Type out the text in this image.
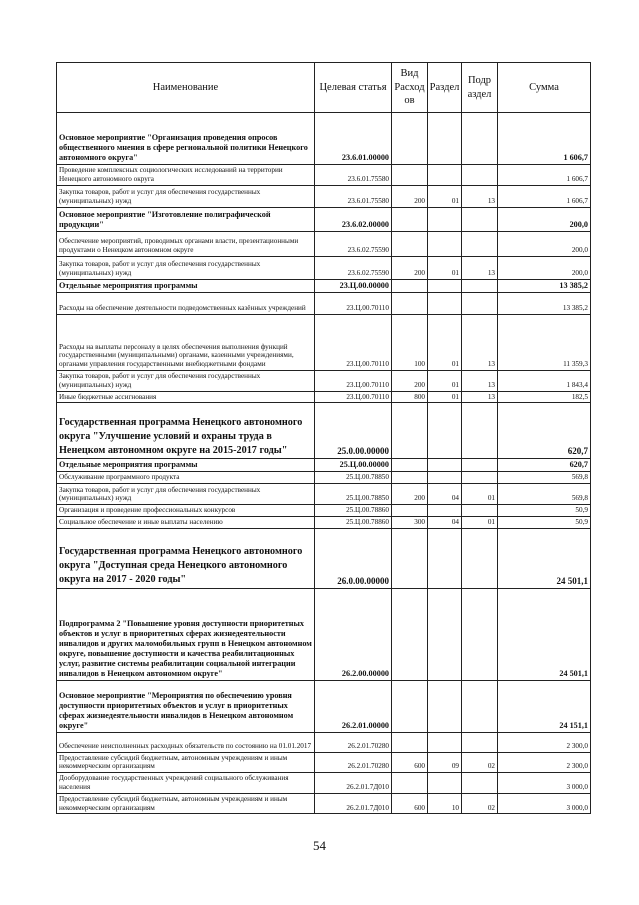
Наименование	Целевая статья	Вид Расход ов	Раздел	Подр аздел	Сумма
Основное мероприятие "Организация проведения опросов общественного мнения в сфере региональной политики Ненецкого автономного округа"	23.6.01.00000				1 606,7
Проведение комплексных социологических исследований на территории Ненецкого автономного округа	23.6.01.75580				1 606,7
Закупка товаров, работ и услуг для обеспечения государственных (муниципальных) нужд	23.6.01.75580	200	01	13	1 606,7
Основное мероприятие "Изготовление полиграфической продукции"	23.6.02.00000				200,0
Обеспечение мероприятий, проводимых органами власти, презентационными продуктами о Ненецком автономном округе	23.6.02.75590				200,0
Закупка товаров, работ и услуг для обеспечения государственных (муниципальных) нужд	23.6.02.75590	200	01	13	200,0
Отдельные мероприятия программы	23.Ц.00.00000				13 385,2
Расходы на обеспечение деятельности подведомственных казённых учреждений	23.Ц.00.70110				13 385,2
Расходы на выплаты персоналу в целях обеспечения выполнения функций государственными (муниципальными) органами, казенными учреждениями, органами управления государственными внебюджетными фондами	23.Ц.00.70110	100	01	13	11 359,3
Закупка товаров, работ и услуг для обеспечения государственных (муниципальных) нужд	23.Ц.00.70110	200	01	13	1 843,4
Иные бюджетные ассигнования	23.Ц.00.70110	800	01	13	182,5
Государственная программа Ненецкого автономного округа "Улучшение условий и охраны труда в Ненецком автономном округе на 2015-2017 годы"	25.0.00.00000				620,7
Отдельные мероприятия программы	25.Ц.00.00000				620,7
Обслуживание программного продукта	25.Ц.00.78850				569,8
Закупка товаров, работ и услуг для обеспечения государственных (муниципальных) нужд	25.Ц.00.78850	200	04	01	569,8
Организация и проведение профессиональных конкурсов	25.Ц.00.78860				50,9
Социальное обеспечение и иные выплаты населению	25.Ц.00.78860	300	04	01	50,9
Государственная программа Ненецкого автономного округа "Доступная среда Ненецкого автономного округа на 2017 - 2020 годы"	26.0.00.00000				24 501,1
Подпрограмма 2 "Повышение уровня доступности приоритетных объектов и услуг в приоритетных сферах жизнедеятельности инвалидов и других маломобильных групп в Ненецком автономном округе, повышение доступности и качества реабилитационных услуг, развитие системы реабилитации социальной интеграции инвалидов в Ненецком автономном округе"	26.2.00.00000				24 501,1
Основное мероприятие "Мероприятия по обеспечению уровня доступности приоритетных объектов и услуг в приоритетных сферах жизнедеятельности инвалидов в Ненецком автономном округе"	26.2.01.00000				24 151,1
Обеспечение неисполненных расходных обязательств по состоянию на 01.01.2017	26.2.01.70280				2 300,0
Предоставление субсидий бюджетным, автономным учреждениям и иным некоммерческим организациям	26.2.01.70280	600	09	02	2 300,0
Дооборудование государственных учреждений социального обслуживания населения	26.2.01.7Д010				3 000,0
Предоставление субсидий бюджетным, автономным учреждениям и иным некоммерческим организациям	26.2.01.7Д010	600	10	02	3 000,0
54
